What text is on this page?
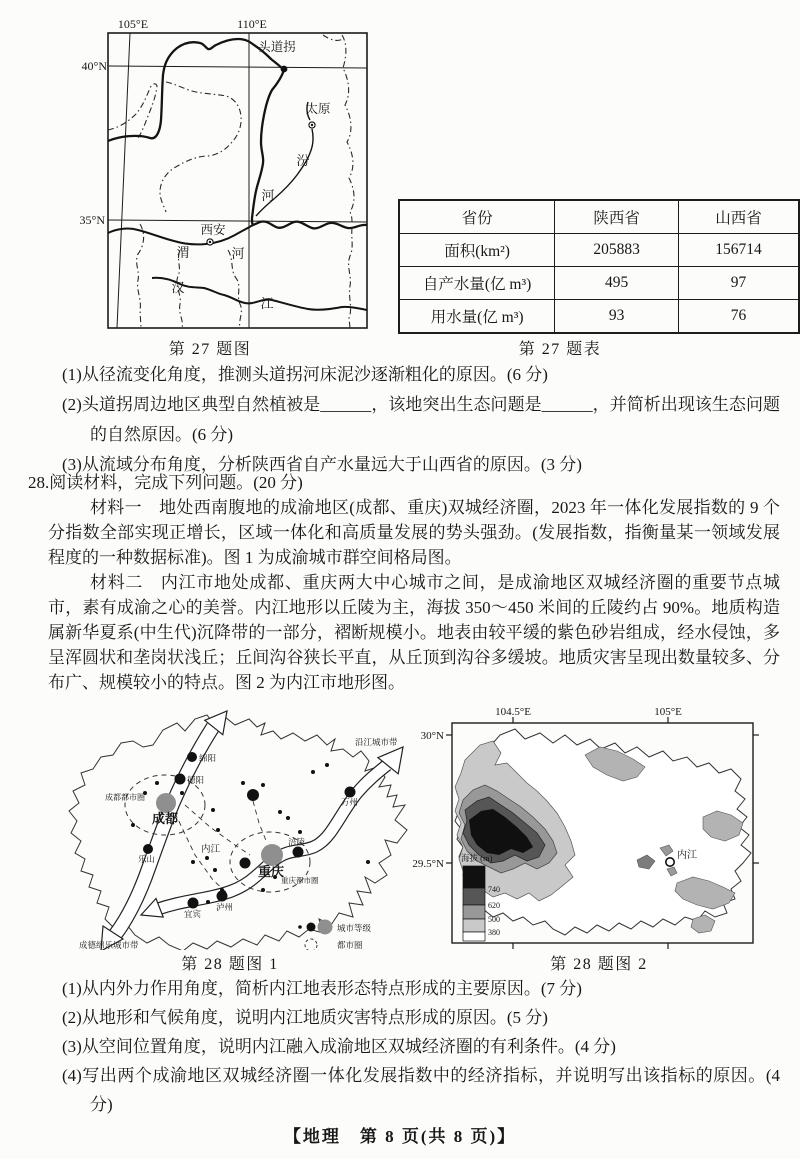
105°E	110°E
40°N
35°N
头道拐
太原
西安
渭	河
汾
河
汉
江
第 27 题图
省份	陕西省	山西省
面积(km²)	205883	156714
自产水量(亿 m³)	495	97
用水量(亿 m³)	93	76
第 27 题表
(1)从径流变化角度，推测头道拐河床泥沙逐渐粗化的原因。(6 分)
(2)头道拐周边地区典型自然植被是______，该地突出生态问题是______，并简析出现该生态问题的自然原因。(6 分)
(3)从流域分布角度，分析陕西省自产水量远大于山西省的原因。(3 分)

28.阅读材料，完成下列问题。(20 分)

材料一　地处西南腹地的成渝地区(成都、重庆)双城经济圈，2023 年一体化发展指数的 9 个分指数全部实现正增长，区域一体化和高质量发展的势头强劲。(发展指数，指衡量某一领域发展程度的一种数据标准)。图 1 为成渝城市群空间格局图。

材料二　内江市地处成都、重庆两大中心城市之间，是成渝地区双城经济圈的重要节点城市，素有成渝之心的美誉。内江地形以丘陵为主，海拔 350～450 米间的丘陵约占 90%。地质构造属新华夏系(中生代)沉降带的一部分，褶断规模小。地表由较平缓的紫色砂岩组成，经水侵蚀，多呈浑圆状和垄岗状浅丘；丘间沟谷狭长平直，从丘顶到沟谷多缓坡。地质灾害呈现出数量较多、分布广、规模较小的特点。图 2 为内江市地形图。

绵阳
德阳
成都都市圈
成都
乐山
内江
宜宾
泸州
重庆
重庆都市圈
涪陵
万州
沿江城市带
成德绵乐城市带
城市等级
都市圈
第 28 题图 1
104.5°E	105°E
30°N
29.5°N
内江
海拔 (m)
740
620
500
380
第 28 题图 2
(1)从内外力作用角度，简析内江地表形态特点形成的主要原因。(7 分)
(2)从地形和气候角度，说明内江地质灾害特点形成的原因。(5 分)
(3)从空间位置角度，说明内江融入成渝地区双城经济圈的有利条件。(4 分)
(4)写出两个成渝地区双城经济圈一体化发展指数中的经济指标，并说明写出该指标的原因。(4 分)
【地理　第 8 页(共 8 页)】
